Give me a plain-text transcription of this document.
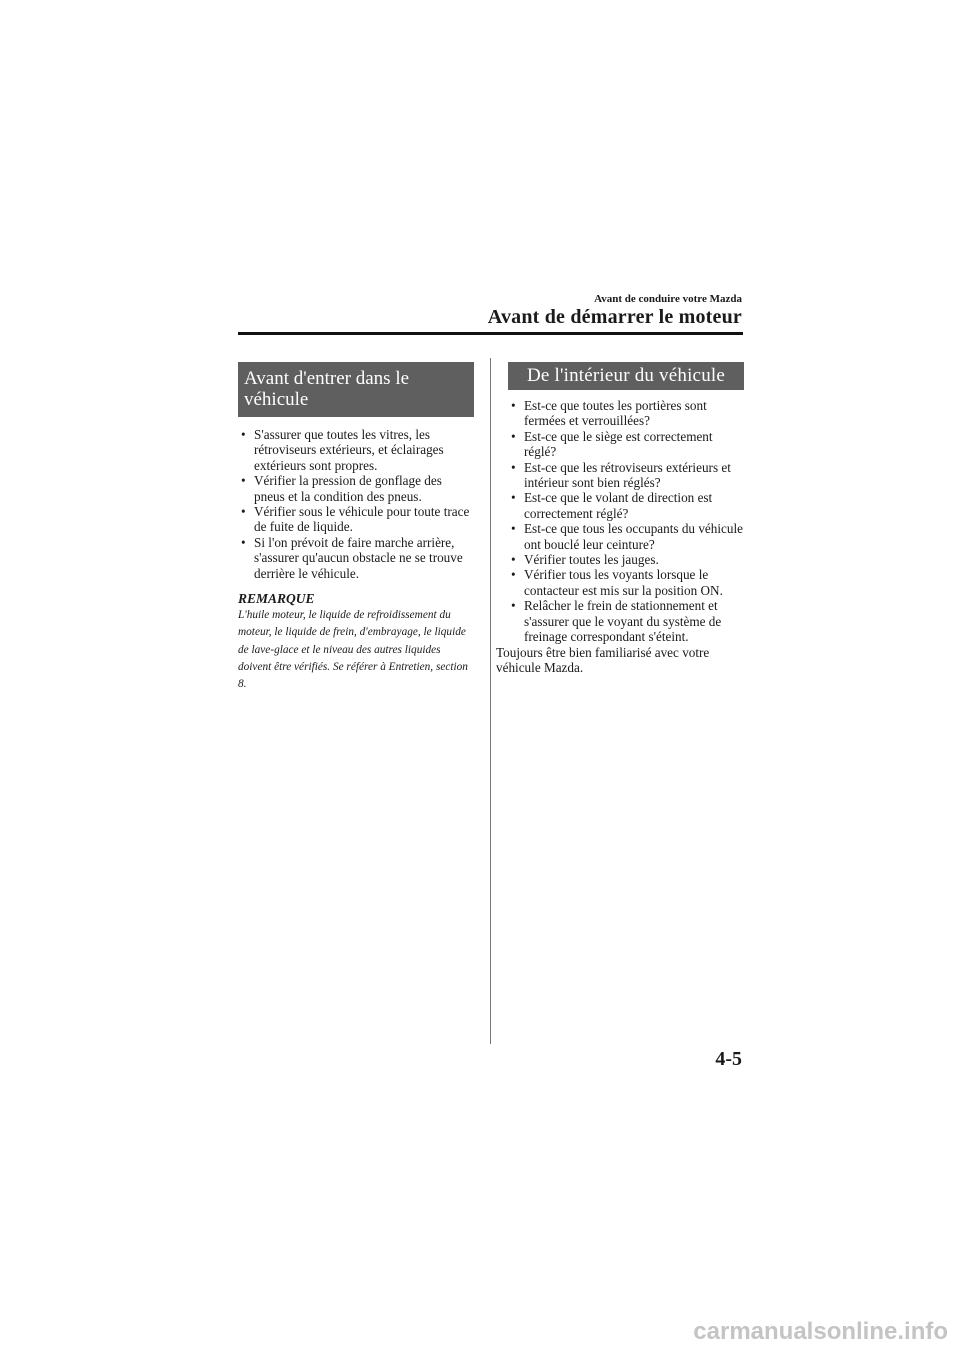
Avant de conduire votre Mazda
Avant de démarrer le moteur
Avant d'entrer dans le véhicule
• S'assurer que toutes les vitres, les rétroviseurs extérieurs, et éclairages extérieurs sont propres.
• Vérifier la pression de gonflage des pneus et la condition des pneus.
• Vérifier sous le véhicule pour toute trace de fuite de liquide.
• Si l'on prévoit de faire marche arrière, s'assurer qu'aucun obstacle ne se trouve derrière le véhicule.
REMARQUE
L'huile moteur, le liquide de refroidissement du moteur, le liquide de frein, d'embrayage, le liquide de lave-glace et le niveau des autres liquides doivent être vérifiés. Se référer à Entretien, section 8.
De l'intérieur du véhicule
• Est-ce que toutes les portières sont fermées et verrouillées?
• Est-ce que le siège est correctement réglé?
• Est-ce que les rétroviseurs extérieurs et intérieur sont bien réglés?
• Est-ce que le volant de direction est correctement réglé?
• Est-ce que tous les occupants du véhicule ont bouclé leur ceinture?
• Vérifier toutes les jauges.
• Vérifier tous les voyants lorsque le contacteur est mis sur la position ON.
• Relâcher le frein de stationnement et s'assurer que le voyant du système de freinage correspondant s'éteint.
Toujours être bien familiarisé avec votre véhicule Mazda.
4-5
carmanualsonline.info
